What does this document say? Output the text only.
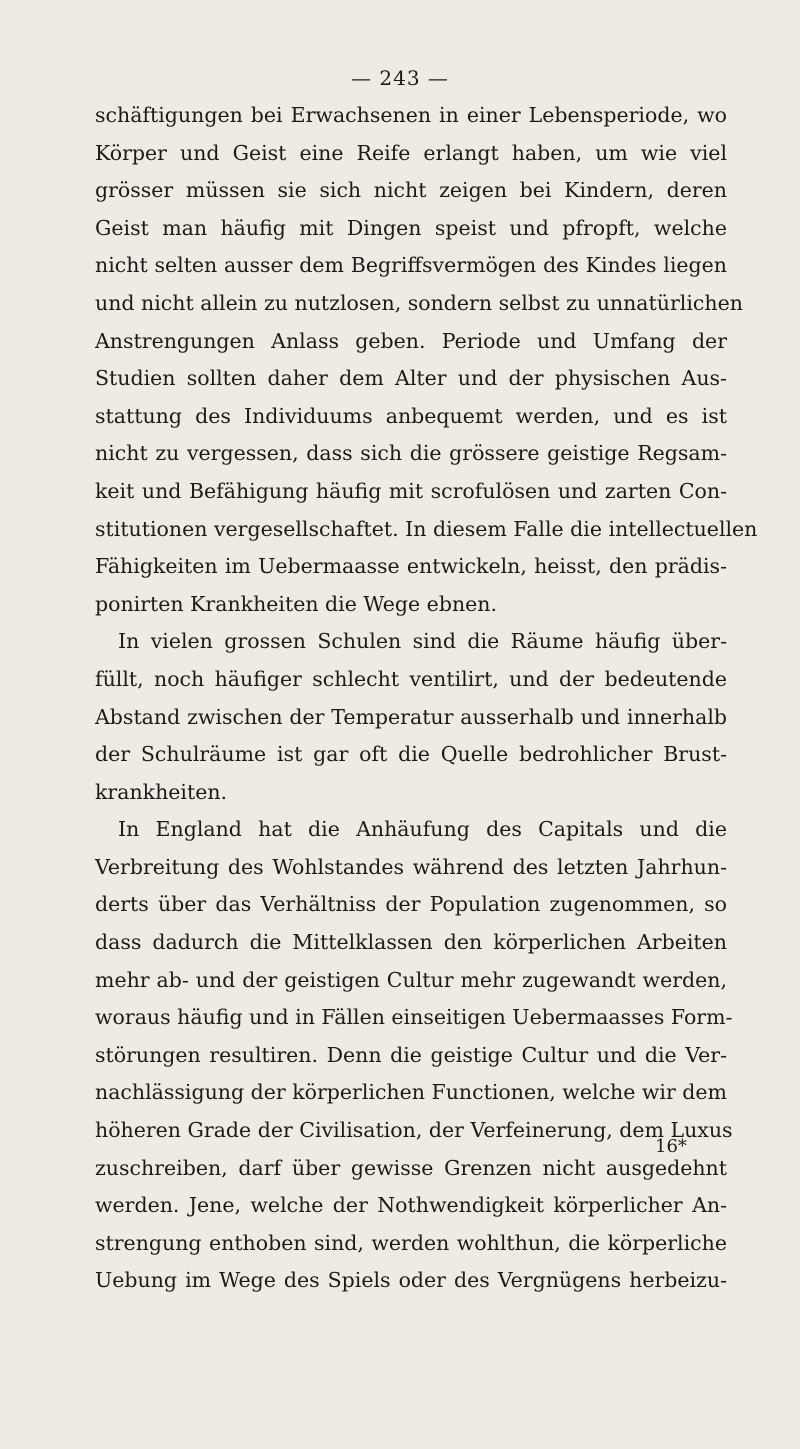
— 243 —
schäftigungen bei Erwachsenen in einer Lebensperiode, wo
Körper und Geist eine Reife erlangt haben, um wie viel
grösser müssen sie sich nicht zeigen bei Kindern, deren
Geist man häufig mit Dingen speist und pfropft, welche
nicht selten ausser dem Begriffsvermögen des Kindes liegen
und nicht allein zu nutzlosen, sondern selbst zu unnatürlichen
Anstrengungen Anlass geben. Periode und Umfang der
Studien sollten daher dem Alter und der physischen Aus-
stattung des Individuums anbequemt werden, und es ist
nicht zu vergessen, dass sich die grössere geistige Regsam-
keit und Befähigung häufig mit scrofulösen und zarten Con-
stitutionen vergesellschaftet. In diesem Falle die intellectuellen
Fähigkeiten im Uebermaasse entwickeln, heisst, den prädis-
ponirten Krankheiten die Wege ebnen.
In vielen grossen Schulen sind die Räume häufig über-
füllt, noch häufiger schlecht ventilirt, und der bedeutende
Abstand zwischen der Temperatur ausserhalb und innerhalb
der Schulräume ist gar oft die Quelle bedrohlicher Brust-
krankheiten.
In England hat die Anhäufung des Capitals und die
Verbreitung des Wohlstandes während des letzten Jahrhun-
derts über das Verhältniss der Population zugenommen, so
dass dadurch die Mittelklassen den körperlichen Arbeiten
mehr ab- und der geistigen Cultur mehr zugewandt werden,
woraus häufig und in Fällen einseitigen Uebermaasses Form-
störungen resultiren. Denn die geistige Cultur und die Ver-
nachlässigung der körperlichen Functionen, welche wir dem
höheren Grade der Civilisation, der Verfeinerung, dem Luxus
zuschreiben, darf über gewisse Grenzen nicht ausgedehnt
werden. Jene, welche der Nothwendigkeit körperlicher An-
strengung enthoben sind, werden wohlthun, die körperliche
Uebung im Wege des Spiels oder des Vergnügens herbeizu-
16*
